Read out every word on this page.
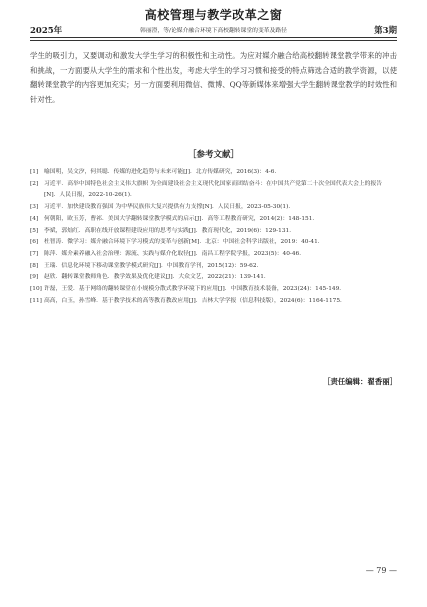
高校管理与教学改革之窗
2025年	韩丽澄，等/论媒介融合环境下高校翻转课堂的变革及路径	第3期

学生的吸引力，又要调动和激发大学生学习的积极性和主动性。为应对媒介融合给高校翻转课堂教学带来的冲击和挑战，一方面要从大学生的需求和个性出发，考虑大学生的学习习惯和接受的特点筛选合适的教学资源，以使翻转课堂教学的内容更加充实；另一方面要利用微信、微博、QQ等新媒体来增强大学生翻转课堂教学的时效性和针对性。

［参考文献］
[1] 喻国明，吴文汐，何其聪．传媒的进化趋势与未来可能[J]．北方传媒研究，2016(3)：4-6．
[2] 习近平．高举中国特色社会主义伟大旗帜 为全面建设社会主义现代化国家而团结奋斗：在中国共产党第二十次全国代表大会上的报告[N]．人民日报，2022-10-26(1)．
[3] 习近平．加快建设教育强国 为中华民族伟大复兴提供有力支撑[N]．人民日报，2023-05-30(1)．
[4] 何朝阳，欧玉芳，曹祁．美国大学翻转课堂教学模式的启示[J]．高等工程教育研究，2014(2)：148-151．
[5] 李斌，郭灿红．高职在线开放课程建设应用的思考与实践[J]．教育现代化，2019(6)：129-131．
[6] 杜智涛．微学习：媒介融合环境下学习模式的变革与创新[M]．北京：中国社会科学出版社，2019：40-41．
[7] 陈萍．媒介素养融入社会治理：源流、实践与媒介化取径[J]．南昌工程学院学报，2023(5)：40-46．
[8] 王瑞．信息化环境下移动课堂教学模式研究[J]．中国教育学刊，2015(12)：59-62．
[9] 赵欣．翻转课堂教师角色．教学效果及优化建议[J]．大众文艺，2022(21)：139-141．
[10] 许磊，王爱．基于网络的翻转课堂在小规模分散式教学环境下的应用[J]．中国教育技术装备，2023(24)：145-149．
[11] 高高，白玉，孙雪峰．基于教学技术的高等教育教改应用[J]．吉林大学学报（信息科技版），2024(6)：1164-1175．
［责任编辑：翟香丽］
— 79 —
